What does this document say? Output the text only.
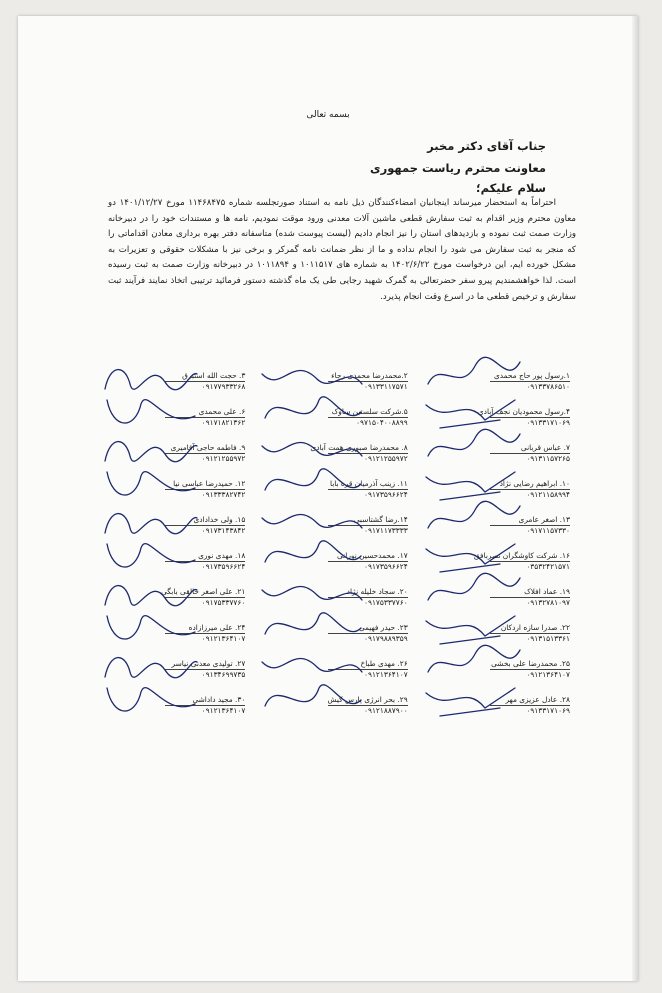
بسمه تعالی

جناب آقای دکتر مخبر

معاونت محترم ریاست جمهوری

سلام علیکم؛

احتراماً به استحضار میرساند اینجانبان امضاءکنندگان ذیل نامه به استناد صورتجلسه شماره ۱۱۴۶۸۴۷۵ مورخ ۱۴۰۱/۱۲/۲۷ دو معاون محترم وزیر اقدام به ثبت سفارش قطعی ماشین آلات معدنی ورود موقت نمودیم، نامه ها و مستندات خود را در دبیرخانه وزارت صمت ثبت نموده و بازدیدهای استان را نیز انجام دادیم (لیست پیوست شده) متاسفانه دفتر بهره برداری معادن اقداماتی را که منجر به ثبت سفارش می شود را انجام نداده و ما از نظر ضمانت نامه گمرکر و برخی نیز با مشکلات حقوقی و تعزیرات به مشکل خورده ایم، این درخواست مورخ ۱۴۰۲/۶/۲۲ به شماره های ۱۰۱۱۵۱۷ و ۱۰۱۱۸۹۴ در دبیرخانه وزارت صمت به ثبت رسیده است. لذا خواهشمندیم پیرو سفر حضرتعالی به گمرک شهید رجایی طی یک ماه گذشته دستور فرمائید ترتیبی اتخاذ نمایند فرآیند ثبت سفارش و ترخیص قطعی ما در اسرع وقت انجام پذیرد.

۱.رسول پور حاج محمدی
۰۹۱۳۳۷۸۶۵۱۰
۲.محمدرضا محمدی رجاء
۰۹۱۳۳۱۱۷۵۷۱
۳. حجت الله استبرق
۰۹۱۷۷۹۳۳۲۶۸
۴.رسول محمودیان نجف آبادی
۰۹۱۳۳۱۷۱۰۶۹
۵.شرکت سلستین ساوک
۰۹۷۱۵۰۴۰۰۸۸۹۹
۶. علی محمدی
۰۹۱۷۱۸۲۱۳۶۲
۷. عباس قربانی
۰۹۱۳۱۱۵۷۲۶۵
۸. محمدرضا صبوری همت آبادی
۰۹۱۲۱۲۵۵۹۷۲
۹. فاطمه حاجی آقامیری
۰۹۱۲۱۲۵۵۹۷۲
۱۰. ابراهیم رضایی نژاد
۰۹۱۲۱۱۵۸۹۹۴
۱۱. زینب آذرمیان قره بابا
۰۹۱۷۳۵۹۶۶۲۴
۱۲. حمیدرضا عباسی نیا
۰۹۱۳۳۳۸۲۷۴۲
۱۳. اصغر عامری
۰۹۱۷۱۱۵۷۳۳۰
۱۴.رضا گشتاسبی
۰۹۱۷۱۱۷۳۳۳۳
۱۵. ولی خدادادی
۰۹۱۷۳۱۴۳۸۴۲
۱۶. شرکت کاوشگران نصربافق
۰۳۵۳۲۴۲۱۵۷۱
۱۷. محمدحسین نورانی
۰۹۱۷۳۵۹۶۶۲۴
۱۸. مهدی نوری
۰۹۱۷۳۵۹۶۶۲۴
۱۹. عماد افلاک
۰۹۱۳۲۷۸۱۰۹۷
۲۰. سجاد خلیله نژاد
۰۹۱۷۵۳۳۷۷۶۰
۲۱. علی اصغر خالقی بابگی
۰۹۱۷۵۳۳۷۷۶۰
۲۲. صدرا سازه اردکان
۰۹۱۳۱۵۱۳۳۶۱
۲۳. حیدر فهیمی
۰۹۱۷۹۸۸۹۳۵۹
۲۴. علی میرزازاده
۰۹۱۲۱۳۶۴۱۰۷
۲۵. محمدرضا علی بخشی
۰۹۱۲۱۳۶۴۱۰۷
۲۶. مهدی طباخ
۰۹۱۲۱۳۶۴۱۰۷
۲۷. تولیدی معدنی نیاسر
۰۹۱۳۴۶۹۹۷۳۵
۲۸. عادل عزیزی مهر
۰۹۱۳۳۱۷۱۰۶۹
۲۹. بحر انرژی پارس کیش
۰۹۱۲۱۸۸۷۹۰۰
۳۰. مجید داداشی
۰۹۱۲۱۳۶۴۱۰۷
